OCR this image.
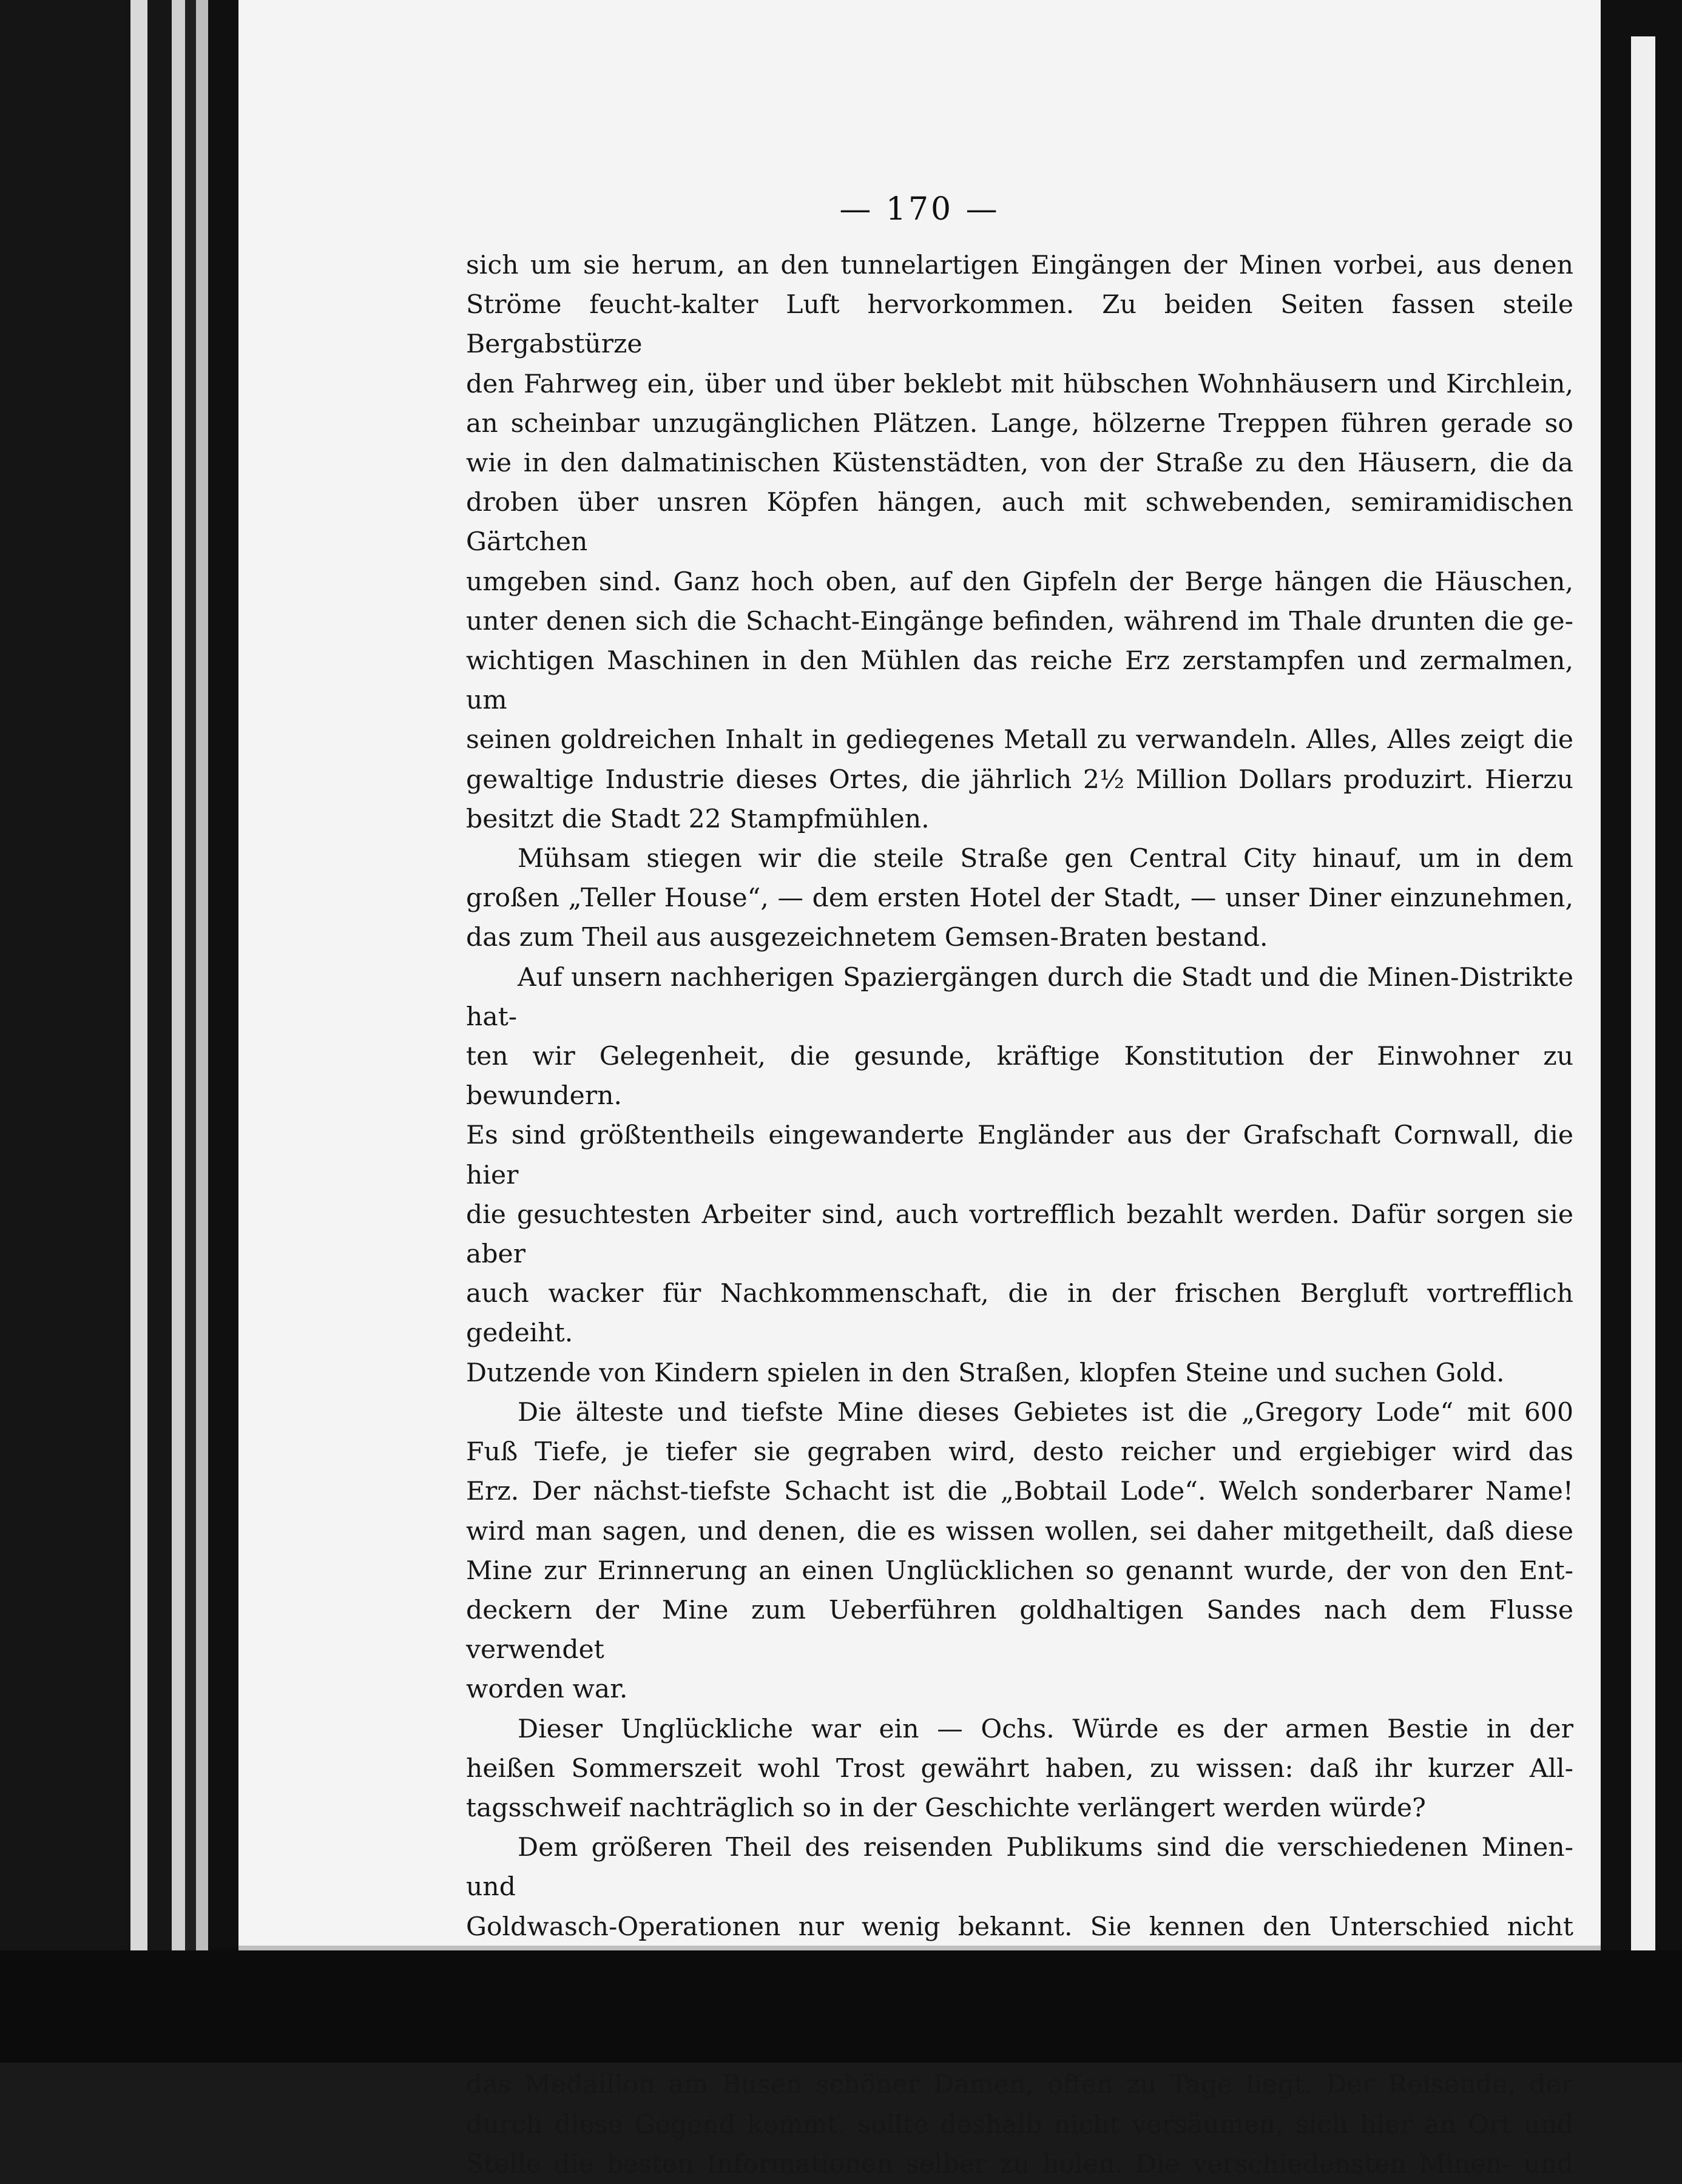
— 170 —

sich um sie herum, an den tunnelartigen Eingängen der Minen vorbei, aus denen

Ströme feucht-kalter Luft hervorkommen. Zu beiden Seiten fassen steile Bergabstürze

den Fahrweg ein, über und über beklebt mit hübschen Wohnhäusern und Kirchlein,

an scheinbar unzugänglichen Plätzen. Lange, hölzerne Treppen führen gerade so

wie in den dalmatinischen Küstenstädten, von der Straße zu den Häusern, die da

droben über unsren Köpfen hängen, auch mit schwebenden, semiramidischen Gärtchen

umgeben sind. Ganz hoch oben, auf den Gipfeln der Berge hängen die Häuschen,

unter denen sich die Schacht-Eingänge befinden, während im Thale drunten die ge-

wichtigen Maschinen in den Mühlen das reiche Erz zerstampfen und zermalmen, um

seinen goldreichen Inhalt in gediegenes Metall zu verwandeln. Alles, Alles zeigt die

gewaltige Industrie dieses Ortes, die jährlich 2½ Million Dollars produzirt. Hierzu

besitzt die Stadt 22 Stampfmühlen.

Mühsam stiegen wir die steile Straße gen Central City hinauf, um in dem

großen „Teller House“, — dem ersten Hotel der Stadt, — unser Diner einzunehmen,

das zum Theil aus ausgezeichnetem Gemsen-Braten bestand.

Auf unsern nachherigen Spaziergängen durch die Stadt und die Minen-Distrikte hat-

ten wir Gelegenheit, die gesunde, kräftige Konstitution der Einwohner zu bewundern.

Es sind größtentheils eingewanderte Engländer aus der Grafschaft Cornwall, die hier

die gesuchtesten Arbeiter sind, auch vortrefflich bezahlt werden. Dafür sorgen sie aber

auch wacker für Nachkommenschaft, die in der frischen Bergluft vortrefflich gedeiht.

Dutzende von Kindern spielen in den Straßen, klopfen Steine und suchen Gold.

Die älteste und tiefste Mine dieses Gebietes ist die „Gregory Lode“ mit 600

Fuß Tiefe, je tiefer sie gegraben wird, desto reicher und ergiebiger wird das

Erz. Der nächst-tiefste Schacht ist die „Bobtail Lode“. Welch sonderbarer Name!

wird man sagen, und denen, die es wissen wollen, sei daher mitgetheilt, daß diese

Mine zur Erinnerung an einen Unglücklichen so genannt wurde, der von den Ent-

deckern der Mine zum Ueberführen goldhaltigen Sandes nach dem Flusse verwendet

worden war.

Dieser Unglückliche war ein — Ochs. Würde es der armen Bestie in der

heißen Sommerszeit wohl Trost gewährt haben, zu wissen: daß ihr kurzer All-

tagsschweif nachträglich so in der Geschichte verlängert werden würde?

Dem größeren Theil des reisenden Publikums sind die verschiedenen Minen- und

Goldwasch-Operationen nur wenig bekannt. Sie kennen den Unterschied nicht

das Medaillon am Busen schöner Damen, offen zu Tage liegt. Der Reisende, der

durch diese Gegend kommt, sollte deshalb nicht versäumen, sich hier an Ort und

Stelle die besten Informationen selber zu holen. Die verschiedensten Minen- und
